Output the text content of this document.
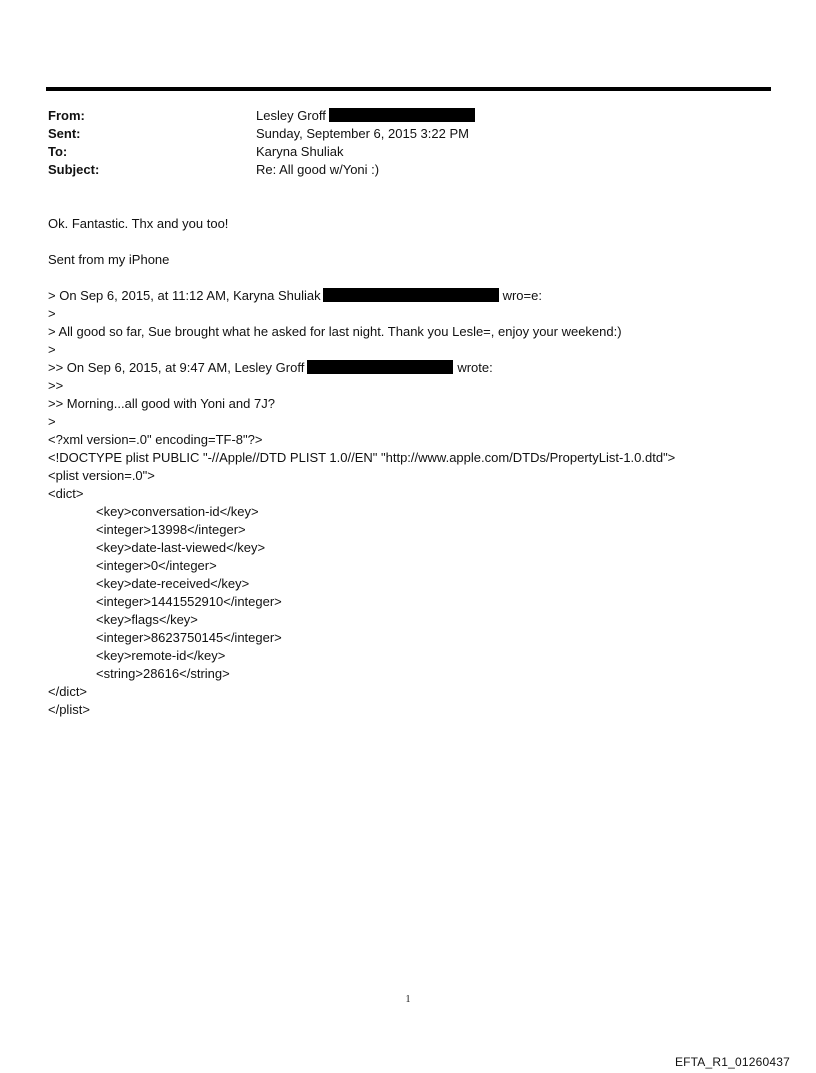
From:	Lesley Groff
Sent:	Sunday, September 6, 2015 3:22 PM
To:	Karyna Shuliak
Subject:	Re: All good w/Yoni :)
Ok. Fantastic. Thx and you too!
Sent from my iPhone
> On Sep 6, 2015, at 11:12 AM, Karyna Shuliak	wro=e:
>
> All good so far, Sue brought what he asked for last night. Thank you Lesle=, enjoy your weekend:)
>
>> On Sep 6, 2015, at 9:47 AM, Lesley Groff	wrote:
>>
>> Morning...all good with Yoni and 7J?
>
<?xml version=.0" encoding=TF-8"?>
<!DOCTYPE plist PUBLIC "-//Apple//DTD PLIST 1.0//EN" "http://www.apple.com/DTDs/PropertyList-1.0.dtd">
<plist version=.0">
<dict>
<key>conversation-id</key>
<integer>13998</integer>
<key>date-last-viewed</key>
<integer>0</integer>
<key>date-received</key>
<integer>1441552910</integer>
<key>flags</key>
<integer>8623750145</integer>
<key>remote-id</key>
<string>28616</string>
</dict>
</plist>
1
EFTA_R1_01260437
